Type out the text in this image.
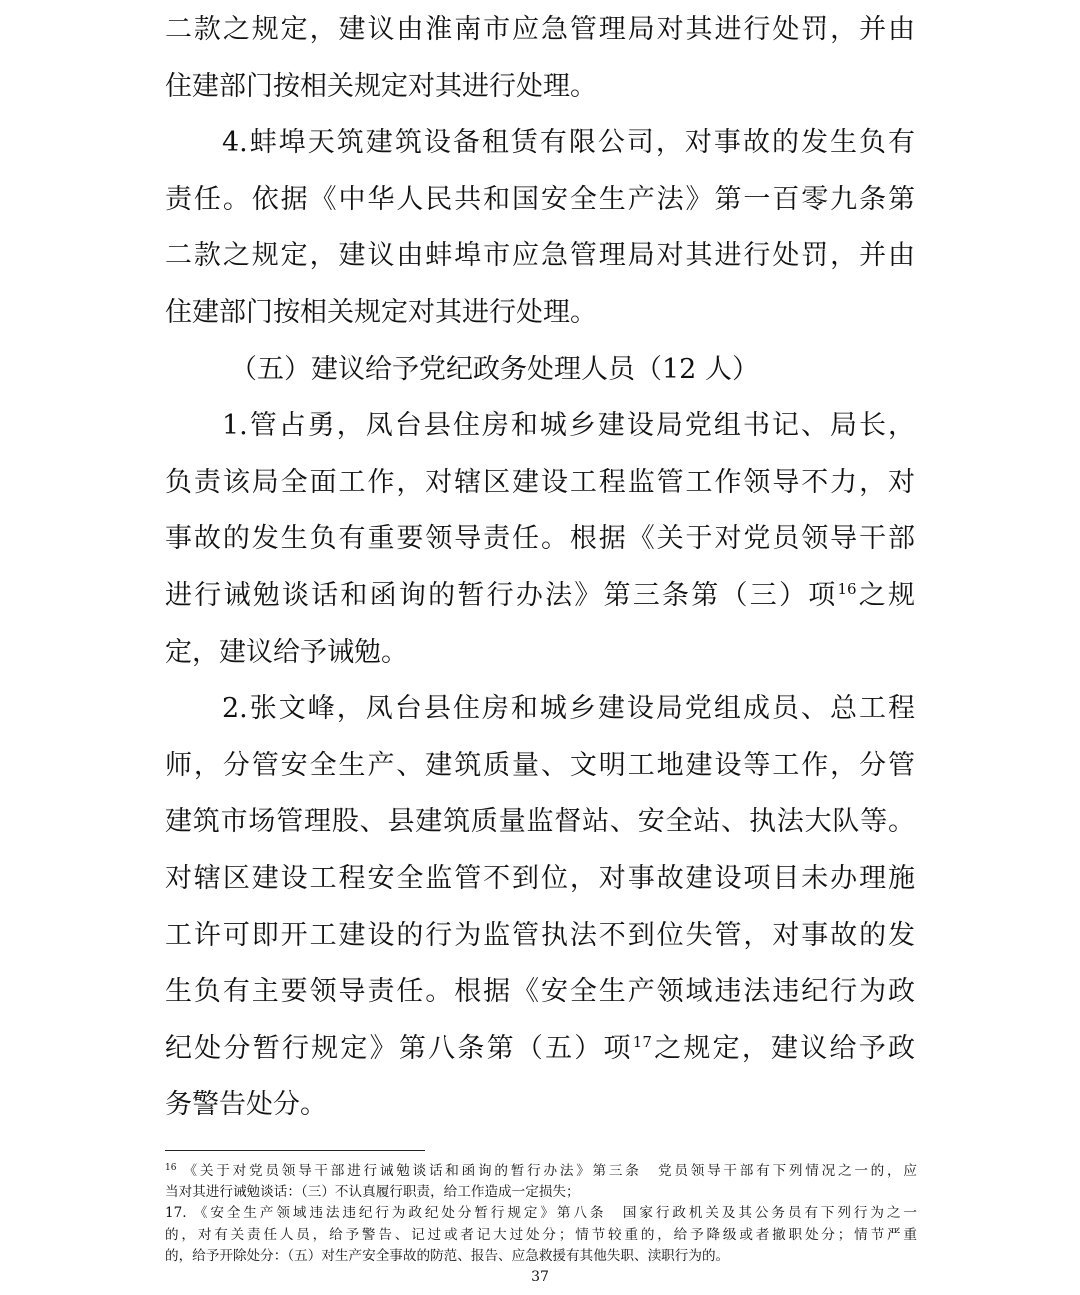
二款之规定，建议由淮南市应急管理局对其进行处罚，并由
住建部门按相关规定对其进行处理。
4.蚌埠天筑建筑设备租赁有限公司，对事故的发生负有
责任。依据《中华人民共和国安全生产法》第一百零九条第
二款之规定，建议由蚌埠市应急管理局对其进行处罚，并由
住建部门按相关规定对其进行处理。
（五）建议给予党纪政务处理人员（12 人）
1.管占勇，凤台县住房和城乡建设局党组书记、局长，
负责该局全面工作，对辖区建设工程监管工作领导不力，对
事故的发生负有重要领导责任。根据《关于对党员领导干部
进行诫勉谈话和函询的暂行办法》第三条第（三）项$^{16}$之规
定，建议给予诫勉。
2.张文峰，凤台县住房和城乡建设局党组成员、总工程
师，分管安全生产、建筑质量、文明工地建设等工作，分管
建筑市场管理股、县建筑质量监督站、安全站、执法大队等。
对辖区建设工程安全监管不到位，对事故建设项目未办理施
工许可即开工建设的行为监管执法不到位失管，对事故的发
生负有主要领导责任。根据《安全生产领域违法违纪行为政
纪处分暂行规定》第八条第（五）项$^{17}$之规定，建议给予政
务警告处分。
$^{16}$ 《关于对党员领导干部进行诫勉谈话和函询的暂行办法》第三条　党员领导干部有下列情况之一的，应
当对其进行诫勉谈话：（三）不认真履行职责，给工作造成一定损失；
17. 《安全生产领域违法违纪行为政纪处分暂行规定》第八条　国家行政机关及其公务员有下列行为之一
的，对有关责任人员，给予警告、记过或者记大过处分；情节较重的，给予降级或者撤职处分；情节严重
的，给予开除处分：（五）对生产安全事故的防范、报告、应急救援有其他失职、渎职行为的。
37
